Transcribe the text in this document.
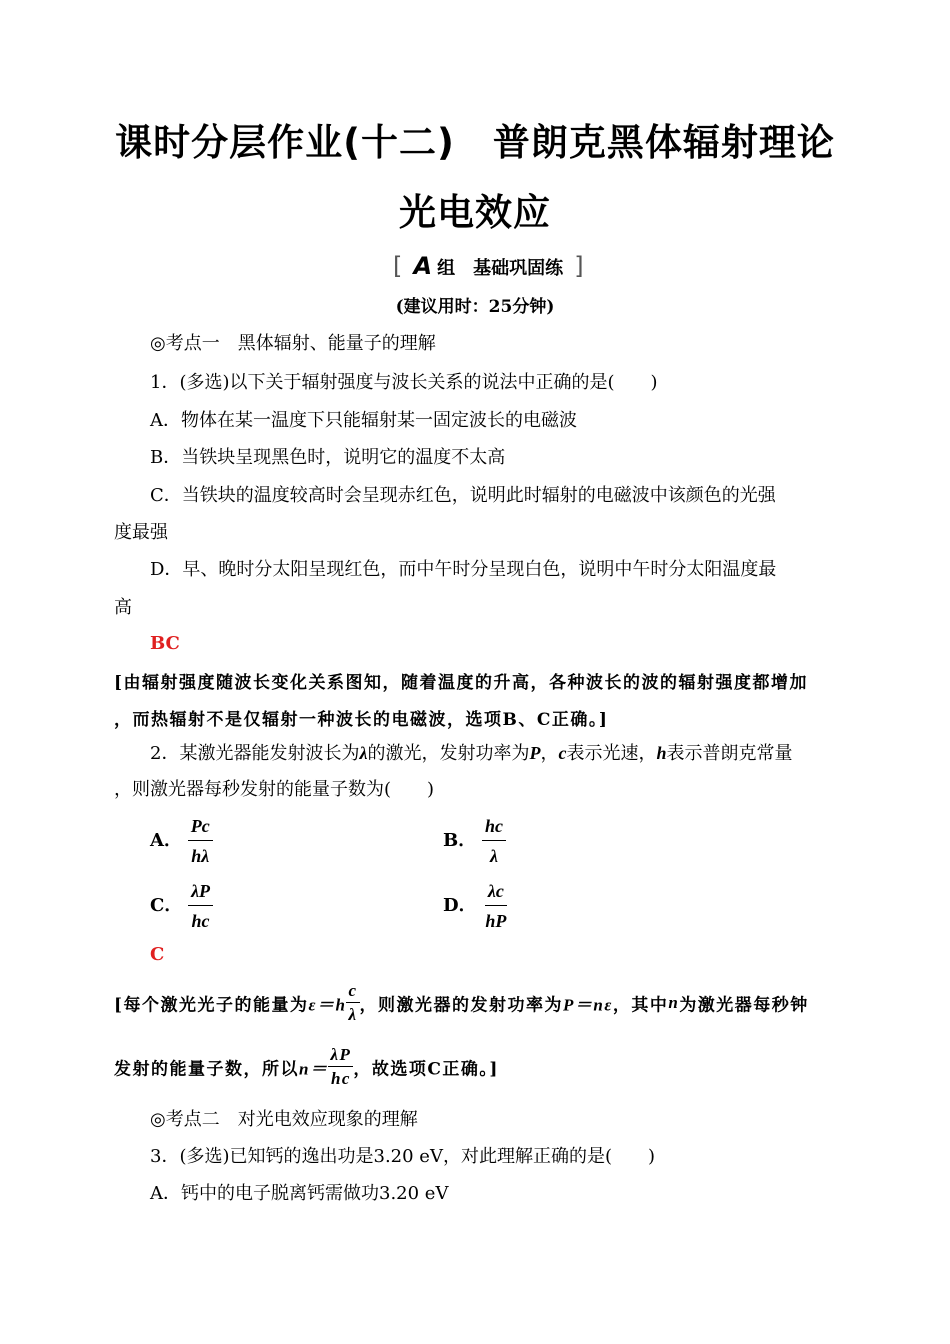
课时分层作业(十二)　普朗克黑体辐射理论
光电效应
[ A 组　基础巩固练 ]
(建议用时：25分钟)
◎考点一　黑体辐射、能量子的理解
1．(多选)以下关于辐射强度与波长关系的说法中正确的是(　　)
A．物体在某一温度下只能辐射某一固定波长的电磁波
B．当铁块呈现黑色时，说明它的温度不太高
C．当铁块的温度较高时会呈现赤红色，说明此时辐射的电磁波中该颜色的光强
度最强
D．早、晚时分太阳呈现红色，而中午时分呈现白色，说明中午时分太阳温度最
高
BC
[由辐射强度随波长变化关系图知，随着温度的升高，各种波长的波的辐射强度都增加
，而热辐射不是仅辐射一种波长的电磁波，选项B、C正确。]
2．某激光器能发射波长为λ的激光，发射功率为P，c表示光速，h表示普朗克常量
，则激光器每秒发射的能量子数为(　　)
A． $\frac{Pc}{h\lambda}$	B． $\frac{hc}{\lambda}$
C． $\frac{\lambda P}{hc}$	D． $\frac{\lambda c}{hP}$
C
[每个激光光子的能量为$\varepsilon=h \frac{c}{\lambda}$ ，则激光器的发射功率为P＝nε，其中n为激光器每秒钟
发射的能量子数，所以$n= \frac{\lambda P}{hc}$ ，故选项C正确。]
◎考点二　对光电效应现象的理解
3．(多选)已知钙的逸出功是3.20 eV，对此理解正确的是(　　)
A．钙中的电子脱离钙需做功3.20 eV
